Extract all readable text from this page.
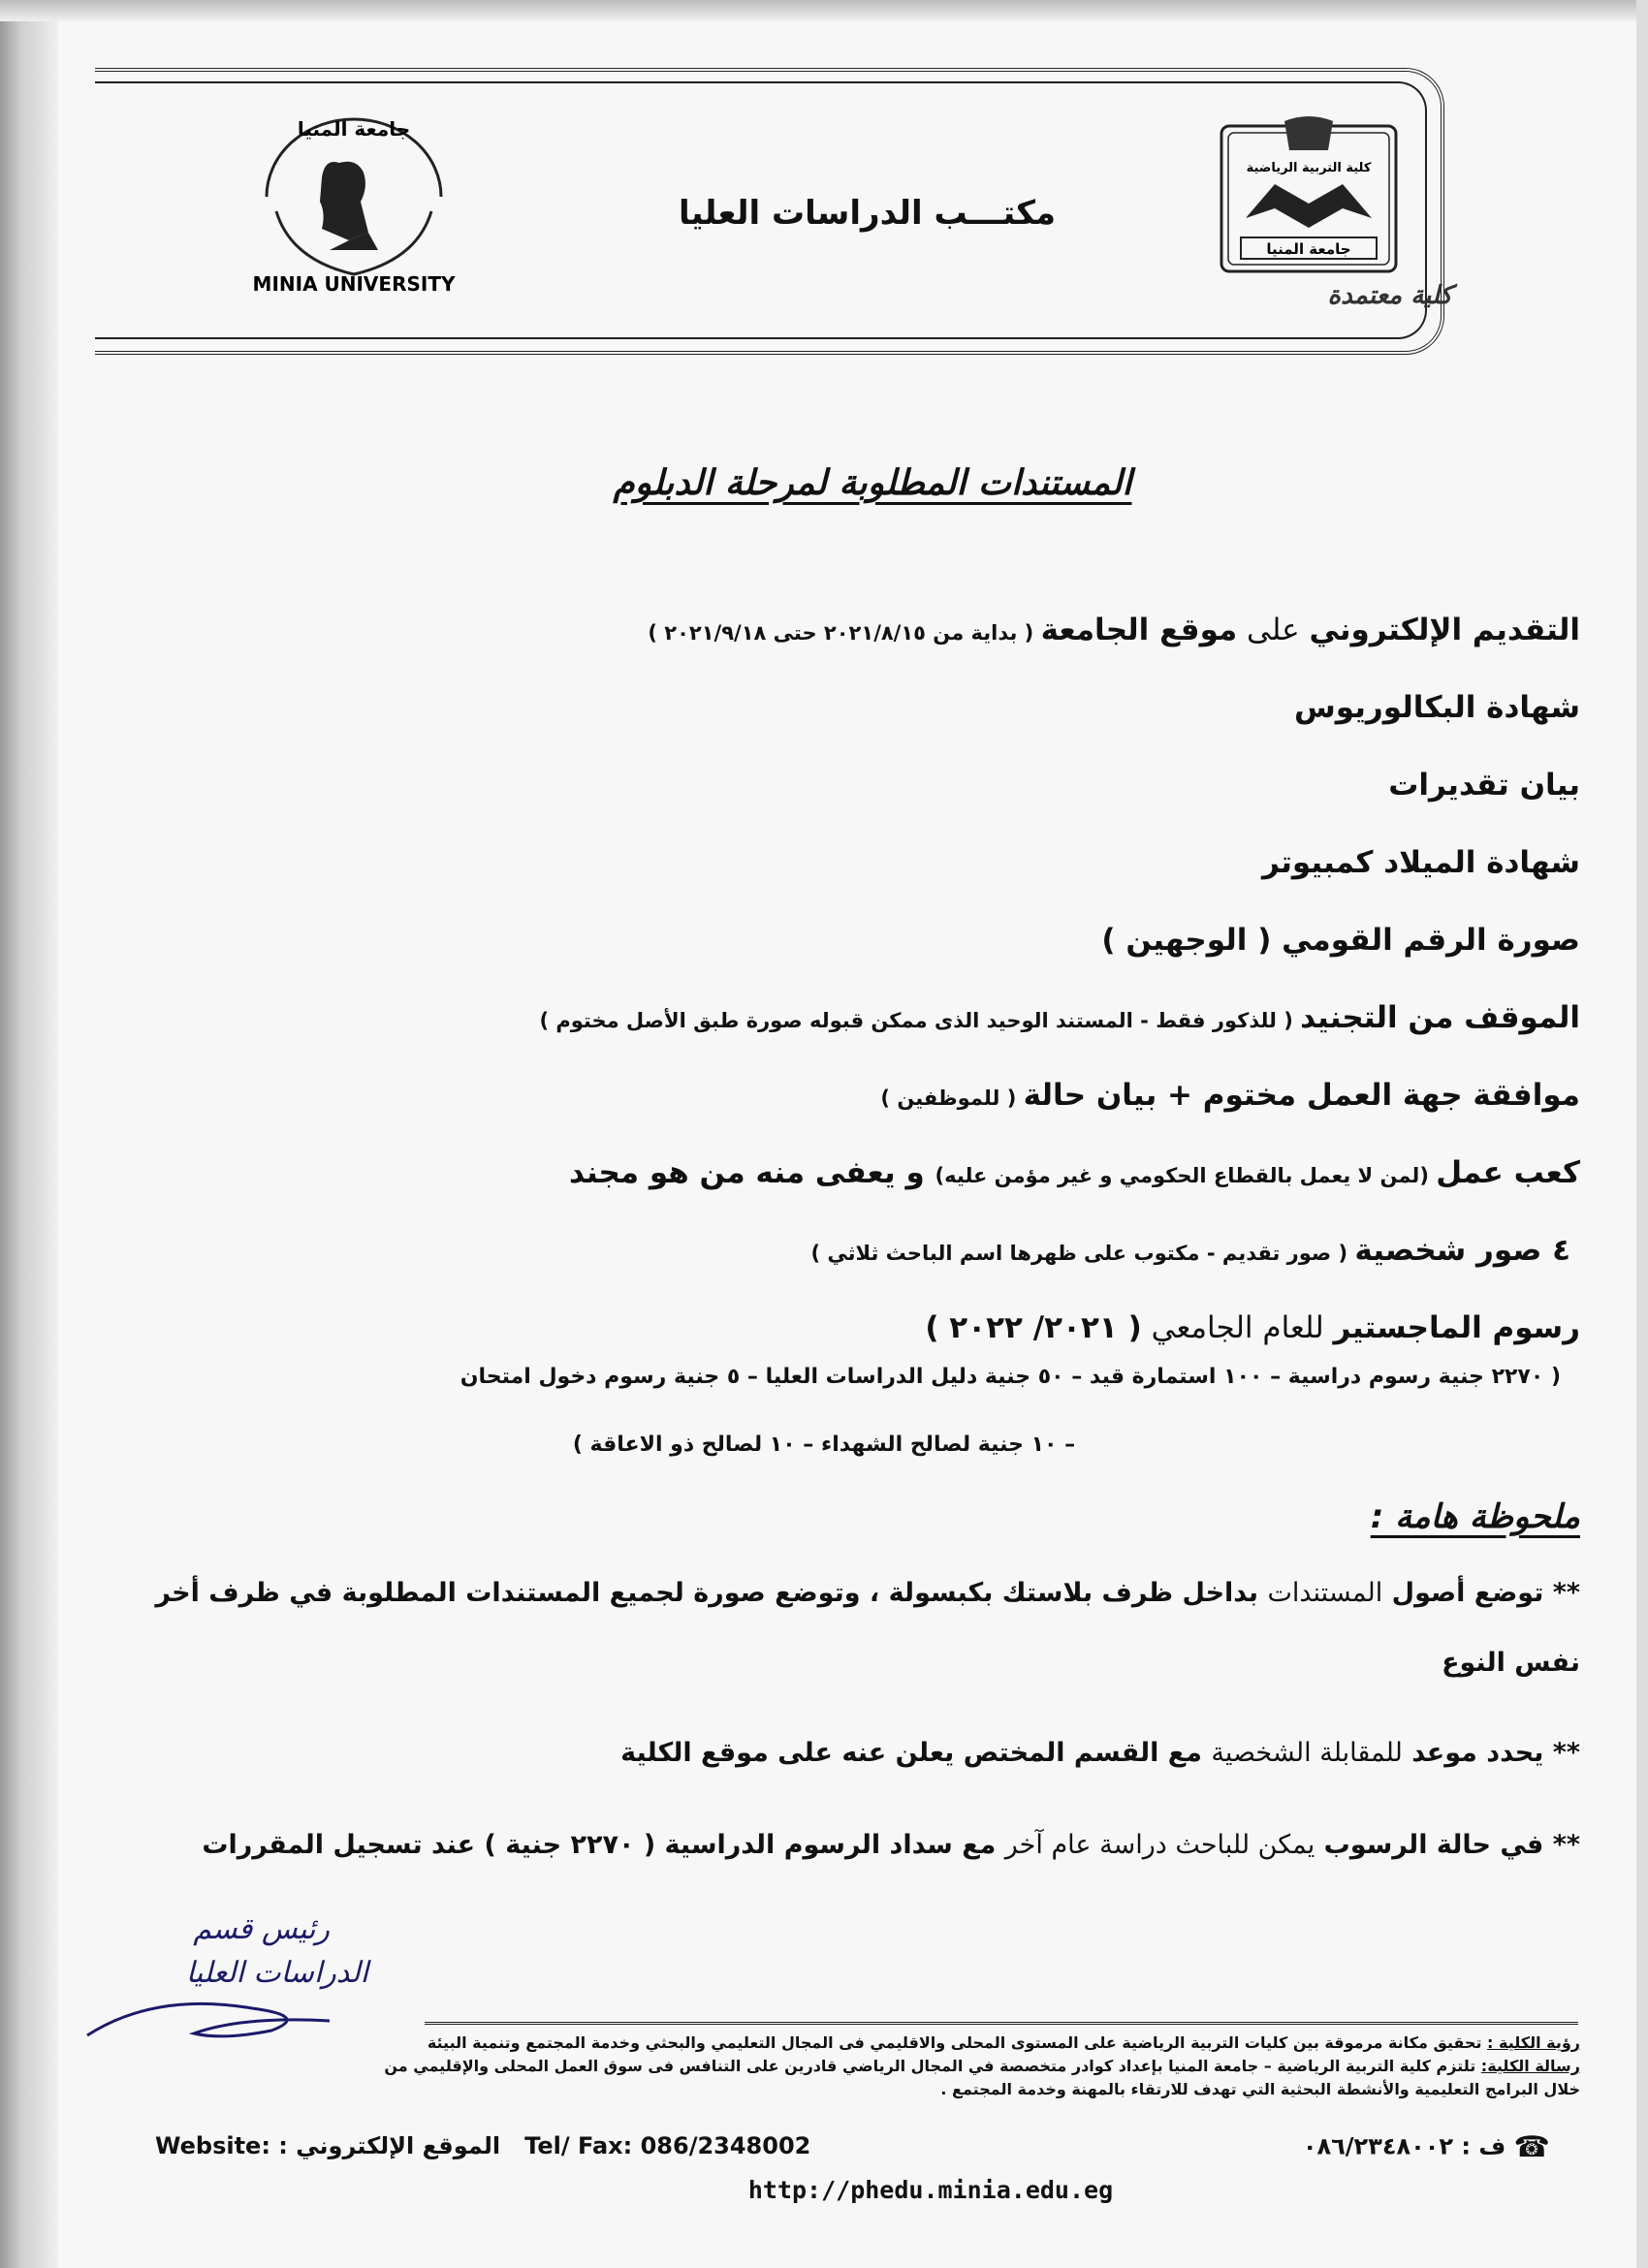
جامعة المنيا
MINIA UNIVERSITY
مكتـــب الدراسات العليا
كلية التربية الرياضية
جامعة المنيا
كلية معتمدة
المستندات المطلوبة لمرحلة الدبلوم
التقديم الإلكتروني على موقع الجامعة ( بداية من ٢٠٢١/٨/١٥ حتى ٢٠٢١/٩/١٨ )
شهادة البكالوريوس
بيان تقديرات
شهادة الميلاد كمبيوتر
صورة الرقم القومي ( الوجهين )
الموقف من التجنيد ( للذكور فقط - المستند الوحيد الذى ممكن قبوله صورة طبق الأصل مختوم )
موافقة جهة العمل مختوم + بيان حالة ( للموظفين )
كعب عمل (لمن لا يعمل بالقطاع الحكومي و غير مؤمن عليه) و يعفى منه من هو مجند
٤ صور شخصية ( صور تقديم - مكتوب على ظهرها اسم الباحث ثلاثي )
رسوم الماجستير للعام الجامعي ( ٢٠٢١/ ٢٠٢٢ )
( ٢٢٧٠ جنية رسوم دراسية – ١٠٠ استمارة قيد – ٥٠ جنية دليل الدراسات العليا – ٥ جنية رسوم دخول امتحان
– ١٠ جنية لصالح الشهداء – ١٠ لصالح ذو الاعاقة )
ملحوظة هامة :
** توضع أصول المستندات بداخل ظرف بلاستك بكبسولة ، وتوضع صورة لجميع المستندات المطلوبة في ظرف أخر
نفس النوع
** يحدد موعد للمقابلة الشخصية مع القسم المختص يعلن عنه على موقع الكلية
** في حالة الرسوب يمكن للباحث دراسة عام آخر مع سداد الرسوم الدراسية ( ٢٢٧٠ جنية ) عند تسجيل المقررات
رئيس قسم
الدراسات العليا
رؤية الكلية : تحقيق مكانة مرموقة بين كليات التربية الرياضية على المستوى المحلى والاقليمي فى المجال التعليمي والبحثي وخدمة المجتمع وتنمية البيئة
رسالة الكلية: تلتزم كلية التربية الرياضية – جامعة المنيا بإعداد كوادر متخصصة في المجال الرياضي قادرين على التنافس فى سوق العمل المحلى والإقليمي من
خلال البرامج التعليمية والأنشطة البحثية التي تهدف للارتقاء بالمهنة وخدمة المجتمع .
Website: : الموقع الإلكتروني Tel/ Fax: 086/2348002	☎ ف : ٠٨٦/٢٣٤٨٠٠٢
http://phedu.minia.edu.eg
